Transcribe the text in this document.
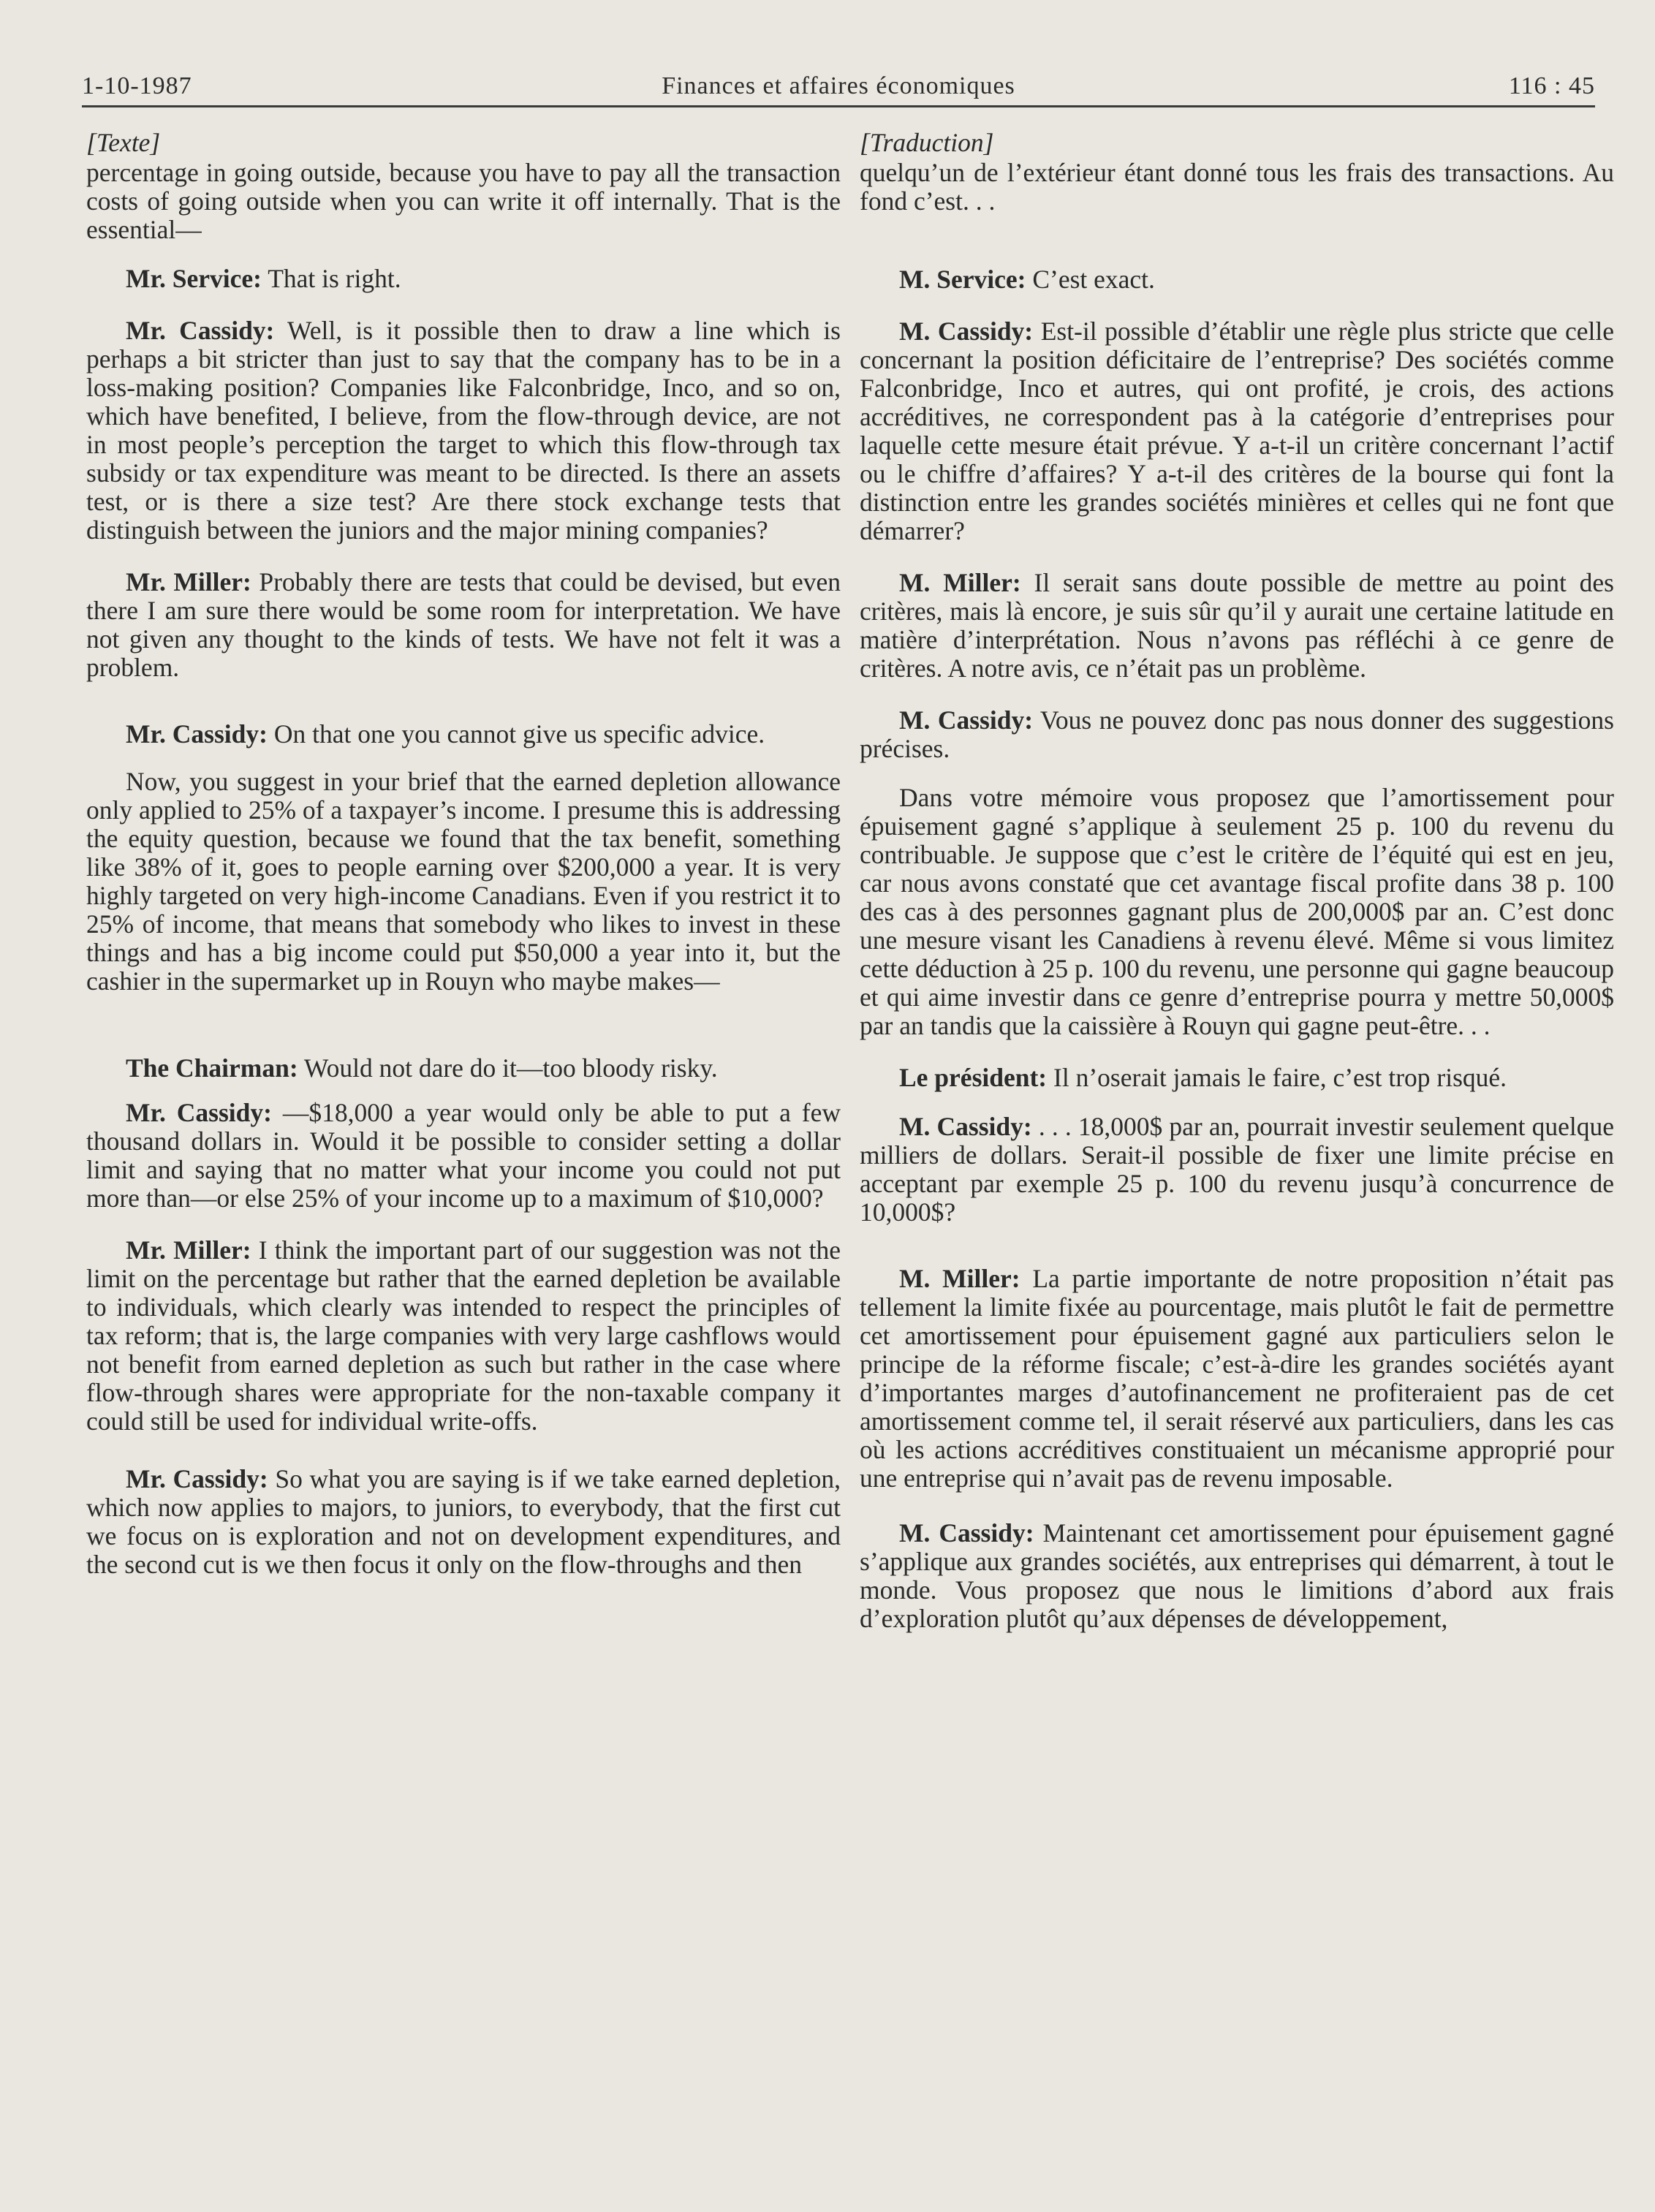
1-10-1987	Finances et affaires économiques	116 : 45
[Texte]

percentage in going outside, because you have to pay all the transaction costs of going outside when you can write it off internally. That is the essential—

Mr. Service: That is right.

Mr. Cassidy: Well, is it possible then to draw a line which is perhaps a bit stricter than just to say that the company has to be in a loss-making position? Companies like Falconbridge, Inco, and so on, which have benefited, I believe, from the flow-through device, are not in most people’s perception the target to which this flow-through tax subsidy or tax expenditure was meant to be directed. Is there an assets test, or is there a size test? Are there stock exchange tests that distinguish between the juniors and the major mining companies?

Mr. Miller: Probably there are tests that could be devised, but even there I am sure there would be some room for interpretation. We have not given any thought to the kinds of tests. We have not felt it was a problem.

Mr. Cassidy: On that one you cannot give us specific advice.

Now, you suggest in your brief that the earned depletion allowance only applied to 25% of a taxpayer’s income. I presume this is addressing the equity question, because we found that the tax benefit, something like 38% of it, goes to people earning over $200,000 a year. It is very highly targeted on very high-income Canadians. Even if you restrict it to 25% of income, that means that somebody who likes to invest in these things and has a big income could put $50,000 a year into it, but the cashier in the supermarket up in Rouyn who maybe makes—

The Chairman: Would not dare do it—too bloody risky.

Mr. Cassidy: —$18,000 a year would only be able to put a few thousand dollars in. Would it be possible to consider setting a dollar limit and saying that no matter what your income you could not put more than—or else 25% of your income up to a maximum of $10,000?

Mr. Miller: I think the important part of our suggestion was not the limit on the percentage but rather that the earned depletion be available to individuals, which clearly was intended to respect the principles of tax reform; that is, the large companies with very large cashflows would not benefit from earned depletion as such but rather in the case where flow-through shares were appropriate for the non-taxable company it could still be used for individual write-offs.

Mr. Cassidy: So what you are saying is if we take earned depletion, which now applies to majors, to juniors, to everybody, that the first cut we focus on is exploration and not on development expenditures, and the second cut is we then focus it only on the flow-throughs and then

[Traduction]

quelqu’un de l’extérieur étant donné tous les frais des transactions. Au fond c’est. . .

M. Service: C’est exact.

M. Cassidy: Est-il possible d’établir une règle plus stricte que celle concernant la position déficitaire de l’entreprise? Des sociétés comme Falconbridge, Inco et autres, qui ont profité, je crois, des actions accréditives, ne correspondent pas à la catégorie d’entreprises pour laquelle cette mesure était prévue. Y a-t-il un critère concernant l’actif ou le chiffre d’affaires? Y a-t-il des critères de la bourse qui font la distinction entre les grandes sociétés minières et celles qui ne font que démarrer?

M. Miller: Il serait sans doute possible de mettre au point des critères, mais là encore, je suis sûr qu’il y aurait une certaine latitude en matière d’interprétation. Nous n’avons pas réfléchi à ce genre de critères. A notre avis, ce n’était pas un problème.

M. Cassidy: Vous ne pouvez donc pas nous donner des suggestions précises.

Dans votre mémoire vous proposez que l’amortissement pour épuisement gagné s’applique à seulement 25 p. 100 du revenu du contribuable. Je suppose que c’est le critère de l’équité qui est en jeu, car nous avons constaté que cet avantage fiscal profite dans 38 p. 100 des cas à des personnes gagnant plus de 200,000$ par an. C’est donc une mesure visant les Canadiens à revenu élevé. Même si vous limitez cette déduction à 25 p. 100 du revenu, une personne qui gagne beaucoup et qui aime investir dans ce genre d’entreprise pourra y mettre 50,000$ par an tandis que la caissière à Rouyn qui gagne peut-être. . .

Le président: Il n’oserait jamais le faire, c’est trop risqué.

M. Cassidy: . . . 18,000$ par an, pourrait investir seulement quelque milliers de dollars. Serait-il possible de fixer une limite précise en acceptant par exemple 25 p. 100 du revenu jusqu’à concurrence de 10,000$?

M. Miller: La partie importante de notre proposition n’était pas tellement la limite fixée au pourcentage, mais plutôt le fait de permettre cet amortissement pour épuisement gagné aux particuliers selon le principe de la réforme fiscale; c’est-à-dire les grandes sociétés ayant d’importantes marges d’autofinancement ne profiteraient pas de cet amortissement comme tel, il serait réservé aux particuliers, dans les cas où les actions accréditives constituaient un mécanisme approprié pour une entreprise qui n’avait pas de revenu imposable.

M. Cassidy: Maintenant cet amortissement pour épuisement gagné s’applique aux grandes sociétés, aux entreprises qui démarrent, à tout le monde. Vous proposez que nous le limitions d’abord aux frais d’exploration plutôt qu’aux dépenses de développement,
